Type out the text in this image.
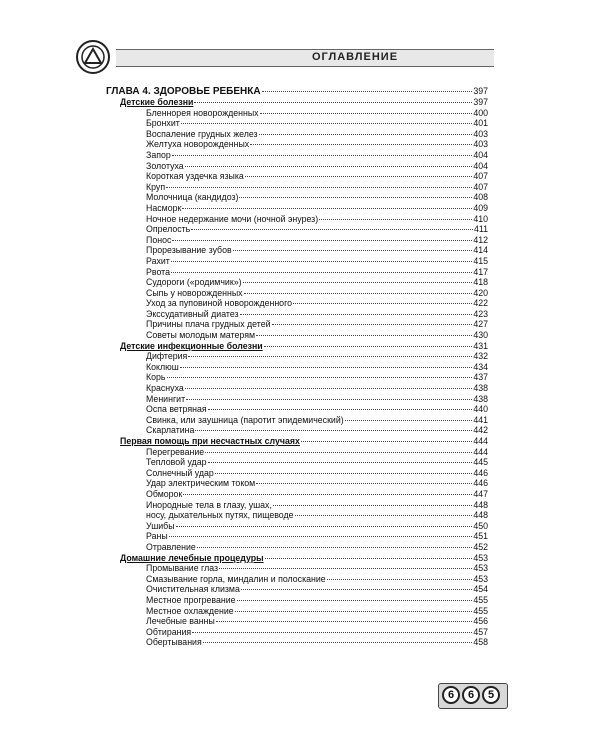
ОГЛАВЛЕНИЕ
ГЛАВА 4. ЗДОРОВЬЕ РЕБЕНКА	397
Детские болезни	397
Бленнорея новорожденных	400
Бронхит	401
Воспаление грудных желез	403
Желтуха новорожденных	403
Запор	404
Золотуха	404
Короткая уздечка языка	407
Круп	407
Молочница (кандидоз)	408
Насморк	409
Ночное недержание мочи (ночной энурез)	410
Опрелость	411
Понос	412
Прорезывание зубов	414
Рахит	415
Рвота	417
Судороги («родимчик»)	418
Сыпь у новорожденных	420
Уход за пуповиной новорожденного	422
Экссудативный диатез	423
Причины плача грудных детей	427
Советы молодым матерям	430
Детские инфекционные болезни	431
Дифтерия	432
Коклюш	434
Корь	437
Краснуха	438
Менингит	438
Оспа ветряная	440
Свинка, или заушница (паротит эпидемический)	441
Скарлатина	442
Первая помощь при несчастных случаях	444
Перегревание	444
Тепловой удар	445
Солнечный удар	446
Удар электрическим током	446
Обморок	447
Инородные тела в глазу, ушах,	448
носу, дыхательных путях, пищеводе	448
Ушибы	450
Раны	451
Отравление	452
Домашние лечебные процедуры	453
Промывание глаз	453
Смазывание горла, миндалин и полоскание	453
Очистительная клизма	454
Местное прогревание	455
Местное охлаждение	455
Лечебные ванны	456
Обтирания	457
Обертывания	458
6	6	5
